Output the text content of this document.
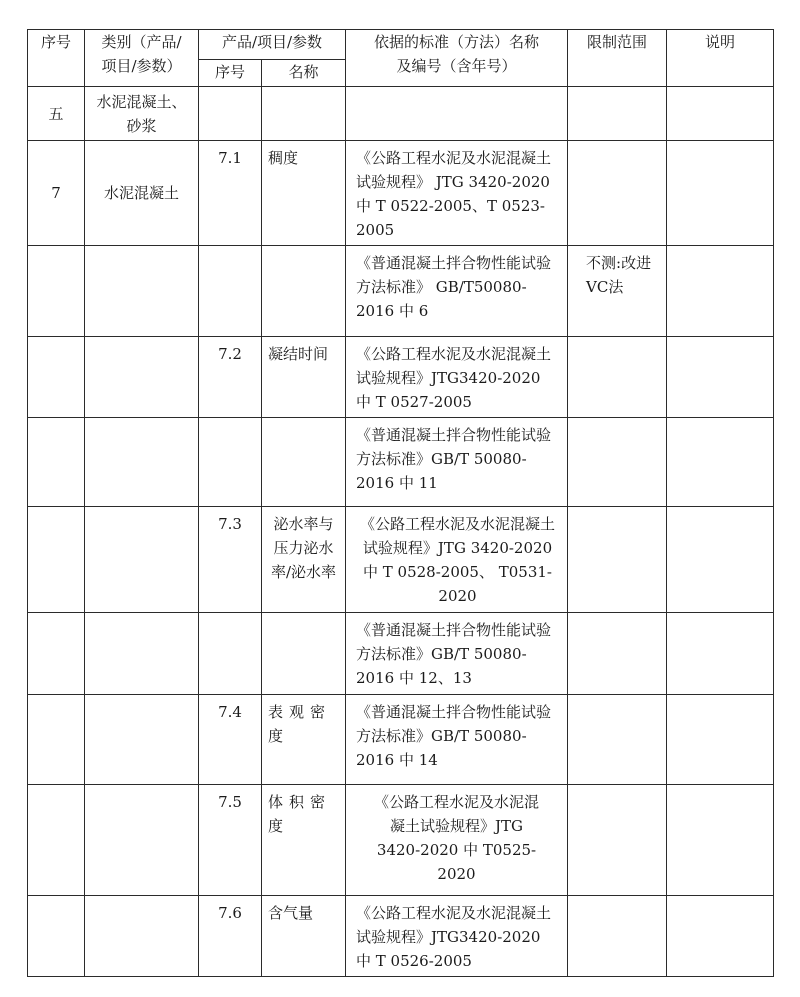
序号	类别（产品/项目/参数）	产品/项目/参数		依据的标准（方法）名称及编号（含年号）	限制范围	说明
		序号	名称			
五	水泥混凝土、砂浆					
7	水泥混凝土	7.1	稠度	《公路工程水泥及水泥混凝土试验规程》 JTG 3420-2020 中 T 0522-2005、T 0523-2005		
				《普通混凝土拌合物性能试验方法标准》 GB/T50080-2016 中 6	不测:改进VC法	
		7.2	凝结时间	《公路工程水泥及水泥混凝土试验规程》JTG3420-2020 中 T 0527-2005		
				《普通混凝土拌合物性能试验方法标准》GB/T 50080-2016 中 11		
		7.3	泌水率与压力泌水率/泌水率	《公路工程水泥及水泥混凝土试验规程》JTG 3420-2020 中 T 0528-2005、 T0531-2020		
				《普通混凝土拌合物性能试验方法标准》GB/T 50080-2016 中 12、13		
		7.4	表观密度	《普通混凝土拌合物性能试验方法标准》GB/T 50080-2016 中 14		
		7.5	体积密度	《公路工程水泥及水泥混凝土试验规程》JTG 3420-2020 中 T0525-2020		
		7.6	含气量	《公路工程水泥及水泥混凝土试验规程》JTG3420-2020 中 T 0526-2005		
